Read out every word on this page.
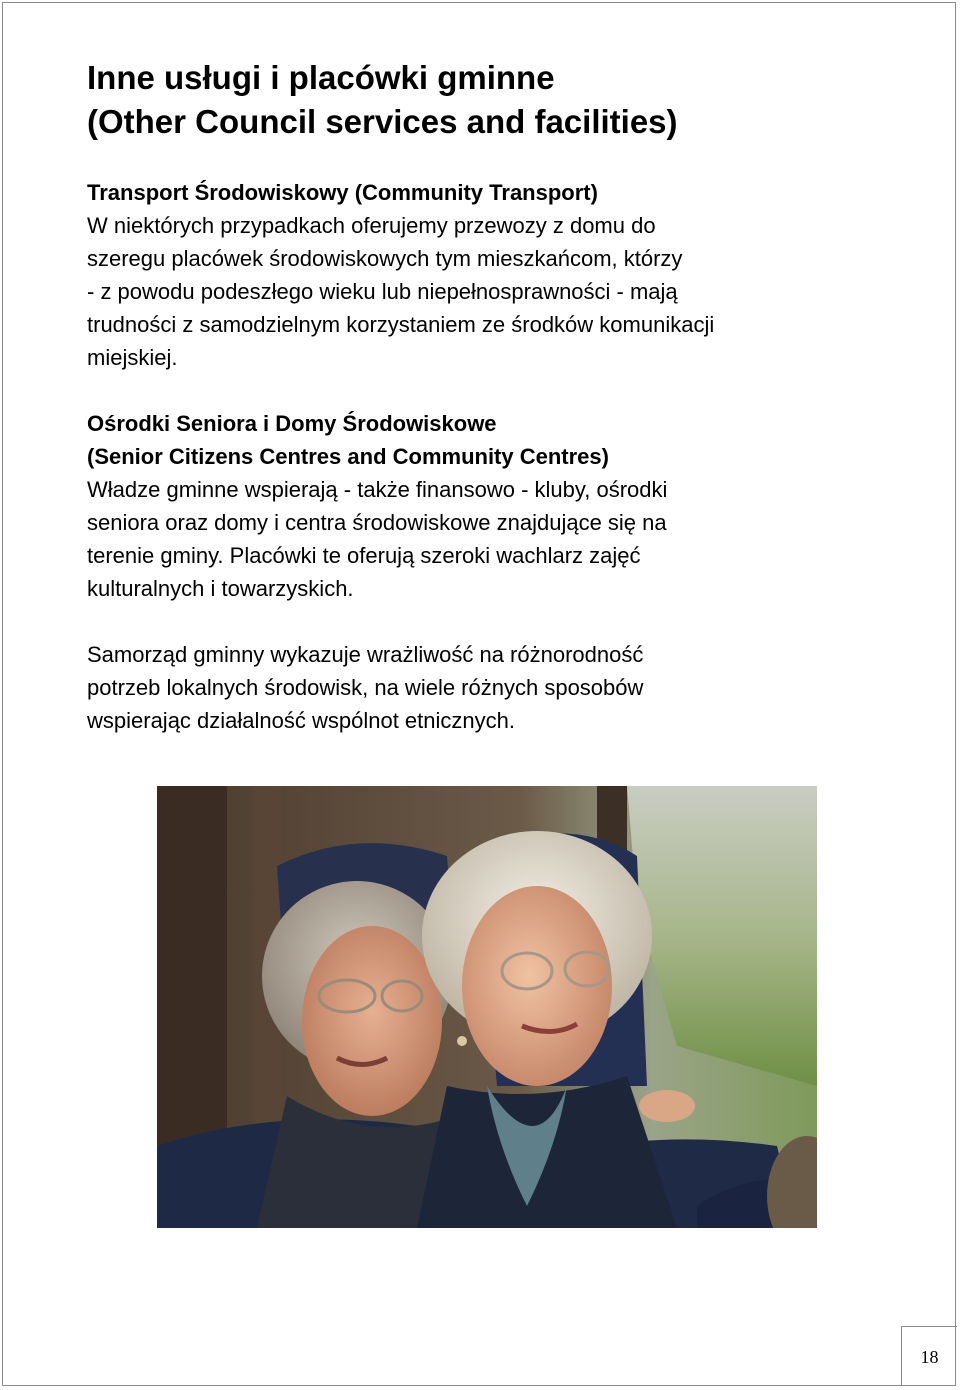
Inne usługi i placówki gminne
(Other Council services and facilities)

Transport Środowiskowy (Community Transport)

W niektórych przypadkach oferujemy przewozy z domu do
szeregu placówek środowiskowych tym mieszkańcom, którzy
- z powodu podeszłego wieku lub niepełnosprawności - mają
trudności z samodzielnym korzystaniem ze środków komunikacji
miejskiej.

Ośrodki Seniora i Domy Środowiskowe
(Senior Citizens Centres and Community Centres)

Władze gminne wspierają - także finansowo - kluby, ośrodki
seniora oraz domy i centra środowiskowe znajdujące się na
terenie gminy. Placówki te oferują szeroki wachlarz zajęć
kulturalnych i towarzyskich.

Samorząd gminny wykazuje wrażliwość na różnorodność
potrzeb lokalnych środowisk, na wiele różnych sposobów
wspierając działalność wspólnot etnicznych.

18
